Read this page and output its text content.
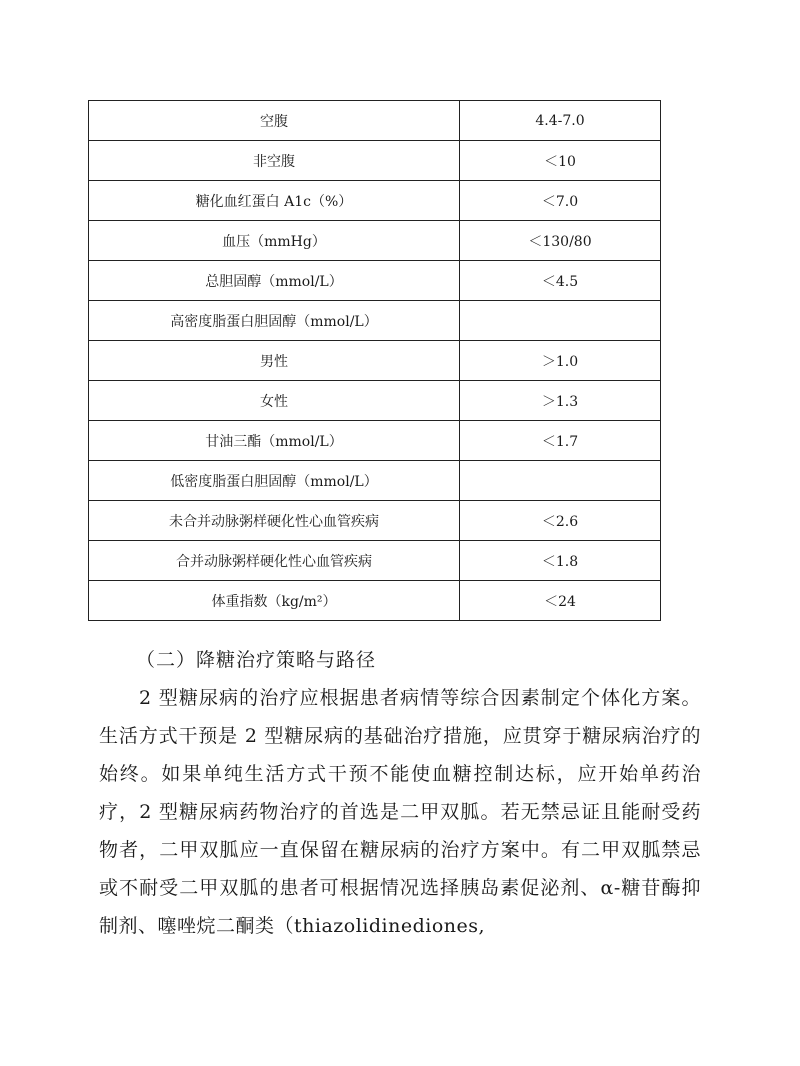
空腹	4.4-7.0
非空腹	＜10
糖化血红蛋白 A1c（%）	＜7.0
血压（mmHg）	＜130/80
总胆固醇（mmol/L）	＜4.5
高密度脂蛋白胆固醇（mmol/L）	
男性	＞1.0
女性	＞1.3
甘油三酯（mmol/L）	＜1.7
低密度脂蛋白胆固醇（mmol/L）	
未合并动脉粥样硬化性心血管疾病	＜2.6
合并动脉粥样硬化性心血管疾病	＜1.8
体重指数（kg/m²）	＜24
（二）降糖治疗策略与路径
2 型糖尿病的治疗应根据患者病情等综合因素制定个体化方案。生活方式干预是 2 型糖尿病的基础治疗措施，应贯穿于糖尿病治疗的始终。如果单纯生活方式干预不能使血糖控制达标，应开始单药治疗，2 型糖尿病药物治疗的首选是二甲双胍。若无禁忌证且能耐受药物者，二甲双胍应一直保留在糖尿病的治疗方案中。有二甲双胍禁忌或不耐受二甲双胍的患者可根据情况选择胰岛素促泌剂、α-糖苷酶抑制剂、噻唑烷二酮类（thiazolidinediones,
